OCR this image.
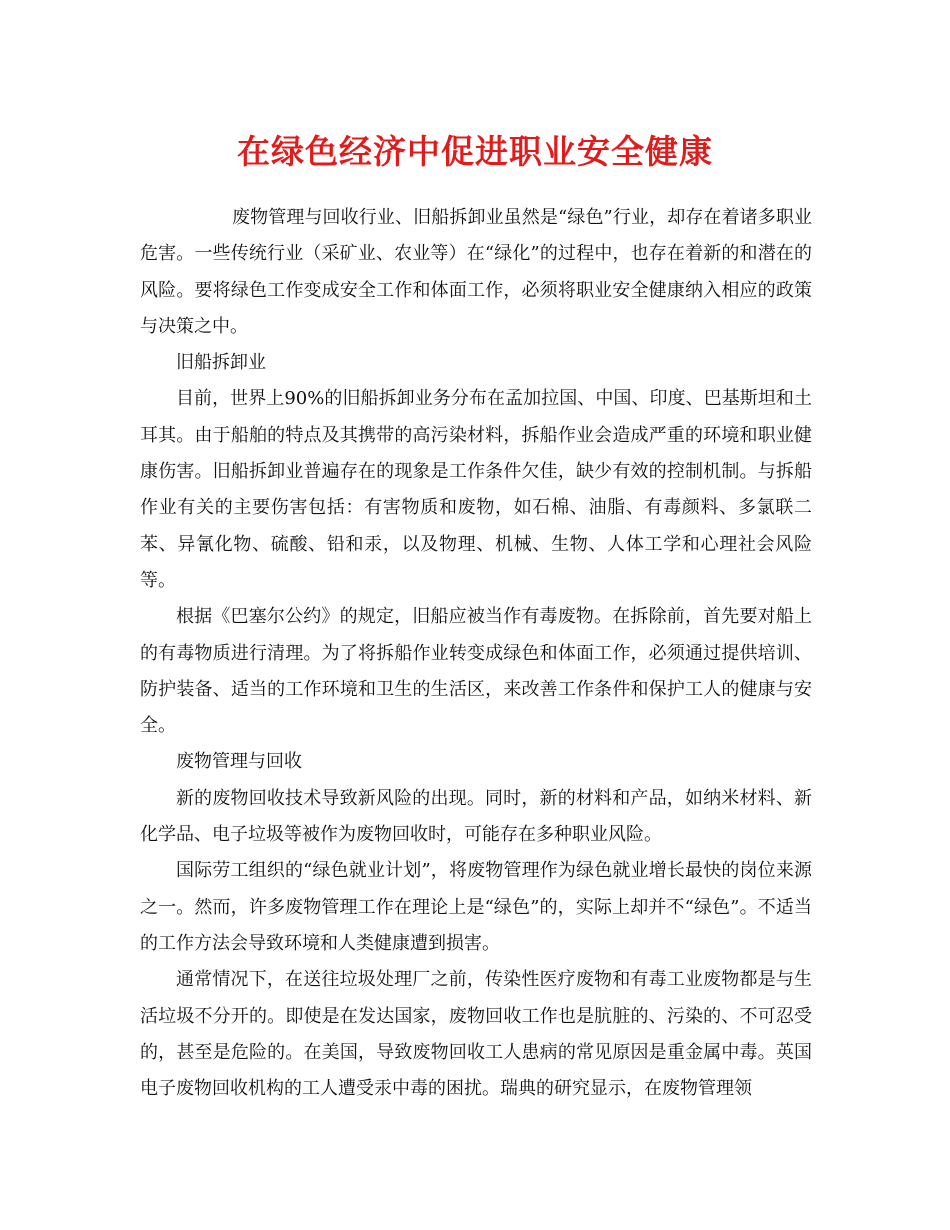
在绿色经济中促进职业安全健康

废物管理与回收行业、旧船拆卸业虽然是“绿色”行业，却存在着诸多职业危害。一些传统行业（采矿业、农业等）在“绿化”的过程中，也存在着新的和潜在的风险。要将绿色工作变成安全工作和体面工作，必须将职业安全健康纳入相应的政策与决策之中。

旧船拆卸业

目前，世界上90%的旧船拆卸业务分布在孟加拉国、中国、印度、巴基斯坦和土耳其。由于船舶的特点及其携带的高污染材料，拆船作业会造成严重的环境和职业健康伤害。旧船拆卸业普遍存在的现象是工作条件欠佳，缺少有效的控制机制。与拆船作业有关的主要伤害包括：有害物质和废物，如石棉、油脂、有毒颜料、多氯联二苯、异氰化物、硫酸、铅和汞，以及物理、机械、生物、人体工学和心理社会风险等。

根据《巴塞尔公约》的规定，旧船应被当作有毒废物。在拆除前，首先要对船上的有毒物质进行清理。为了将拆船作业转变成绿色和体面工作，必须通过提供培训、防护装备、适当的工作环境和卫生的生活区，来改善工作条件和保护工人的健康与安全。

废物管理与回收

新的废物回收技术导致新风险的出现。同时，新的材料和产品，如纳米材料、新化学品、电子垃圾等被作为废物回收时，可能存在多种职业风险。

国际劳工组织的“绿色就业计划”，将废物管理作为绿色就业增长最快的岗位来源之一。然而，许多废物管理工作在理论上是“绿色”的，实际上却并不“绿色”。不适当的工作方法会导致环境和人类健康遭到损害。

通常情况下，在送往垃圾处理厂之前，传染性医疗废物和有毒工业废物都是与生活垃圾不分开的。即使是在发达国家，废物回收工作也是肮脏的、污染的、不可忍受的，甚至是危险的。在美国，导致废物回收工人患病的常见原因是重金属中毒。英国电子废物回收机构的工人遭受汞中毒的困扰。瑞典的研究显示，在废物管理领
